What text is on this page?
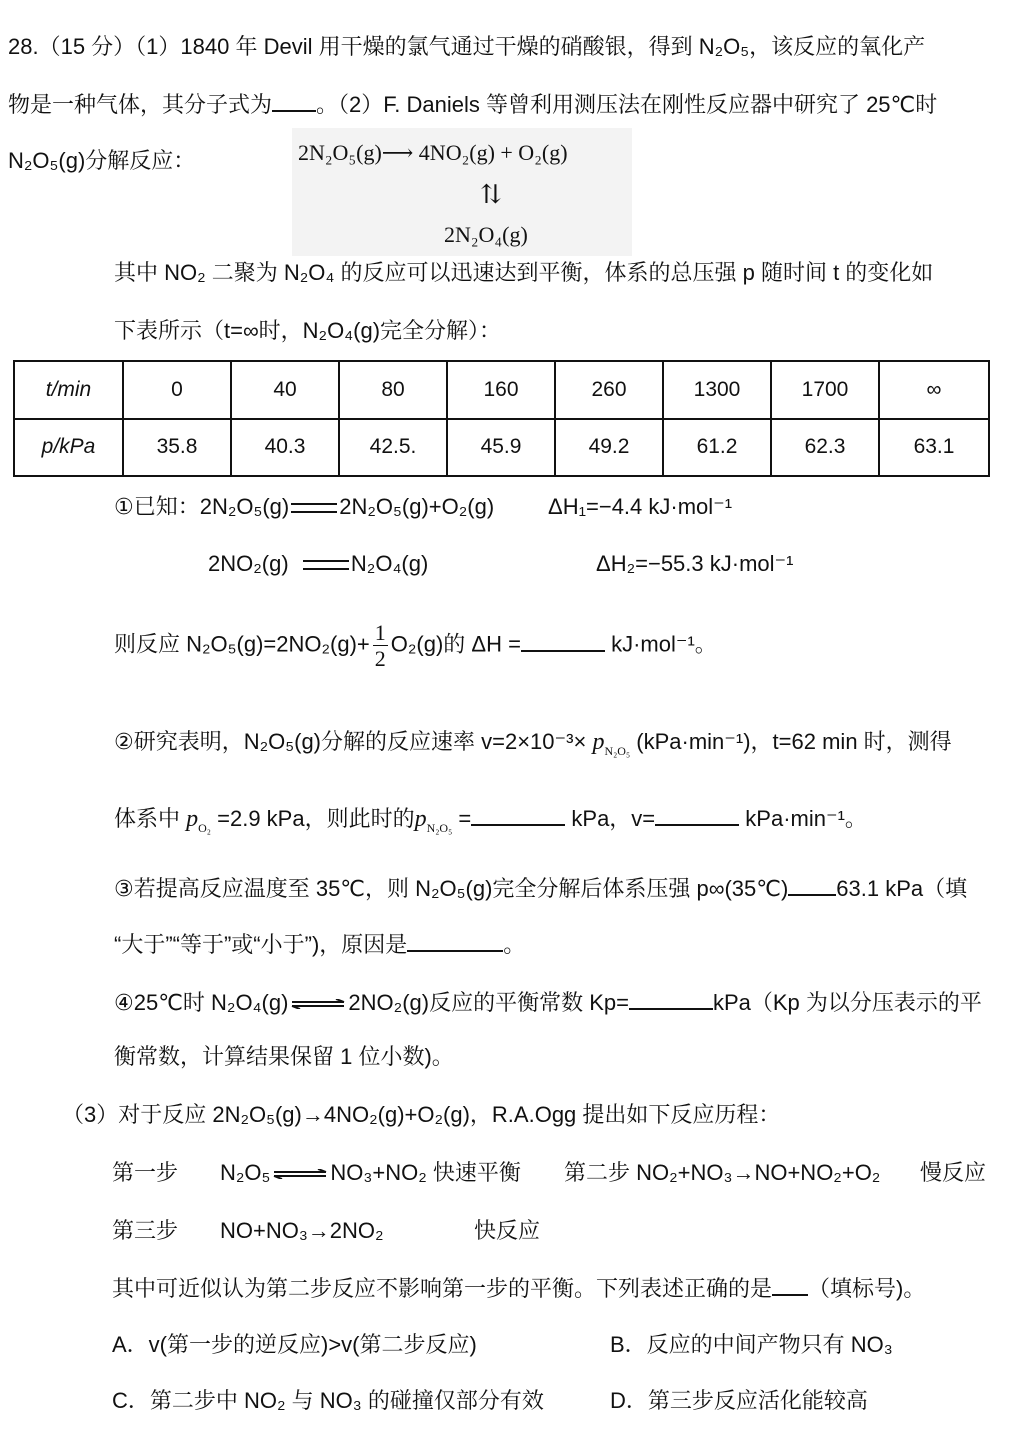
28.（15 分）（1）1840 年 Devil 用干燥的氯气通过干燥的硝酸银，得到 N₂O₅，该反应的氧化产
物是一种气体，其分子式为 。（2）F. Daniels 等曾利用测压法在刚性反应器中研究了 25℃时
N₂O₅(g)分解反应：	2N₂O₅(g)⟶ 4NO₂(g) + O₂(g)
⇅
2N₂O₄(g)
其中 NO₂ 二聚为 N₂O₄ 的反应可以迅速达到平衡，体系的总压强 p 随时间 t 的变化如
下表所示（t=∞时，N₂O₄(g)完全分解）：
t/min	0	40	80	160	260	1300	1700	∞
p/kPa	35.8	40.3	42.5.	45.9	49.2	61.2	62.3	63.1
①已知：2N₂O₅(g) 2N₂O₅(g)+O₂(g) ΔH₁=−4.4 kJ·mol⁻¹
2NO₂(g)	N₂O₄(g)	ΔH₂=−55.3 kJ·mol⁻¹
则反应 $N_2O_5(g)=2NO_2(g)+ \frac{1}{2} O_2(g)$的 ΔH =	kJ·mol⁻¹。
②研究表明，N₂O₅(g)分解的反应速率 $v=2\times 10^{-3}\times p_{N_2O_5}$ (kPa·min⁻¹)，t=62 min 时，测得
体系中 $p_{O_2} =2.9$ kPa，则此时的$p_{N_2O_5}$ =	kPa，v=	kPa·min⁻¹。
③若提高反应温度至 35℃，则 N₂O₅(g)完全分解后体系压强 p∞(35℃) 63.1 kPa（填
“大于”“等于”或“小于”)，原因是	。
④25℃时 N₂O₄(g) ⇌ 2NO₂(g)反应的平衡常数 Kp=	kPa（Kp 为以分压表示的平
衡常数，计算结果保留 1 位小数)。
（3）对于反应 2N₂O₅(g)→4NO₂(g)+O₂(g)，R.A.Ogg 提出如下反应历程：
第一步 N₂O₅ ⇌ NO₃+NO₂ 快速平衡 第二步 NO₂+NO₃→NO+NO₂+O₂ 慢反应
第三步 NO+NO₃→2NO₂	快反应
其中可近似认为第二步反应不影响第一步的平衡。下列表述正确的是 （填标号)。
A．v(第一步的逆反应)>v(第二步反应)	B．反应的中间产物只有 NO₃
C．第二步中 NO₂ 与 NO₃ 的碰撞仅部分有效	D．第三步反应活化能较高
